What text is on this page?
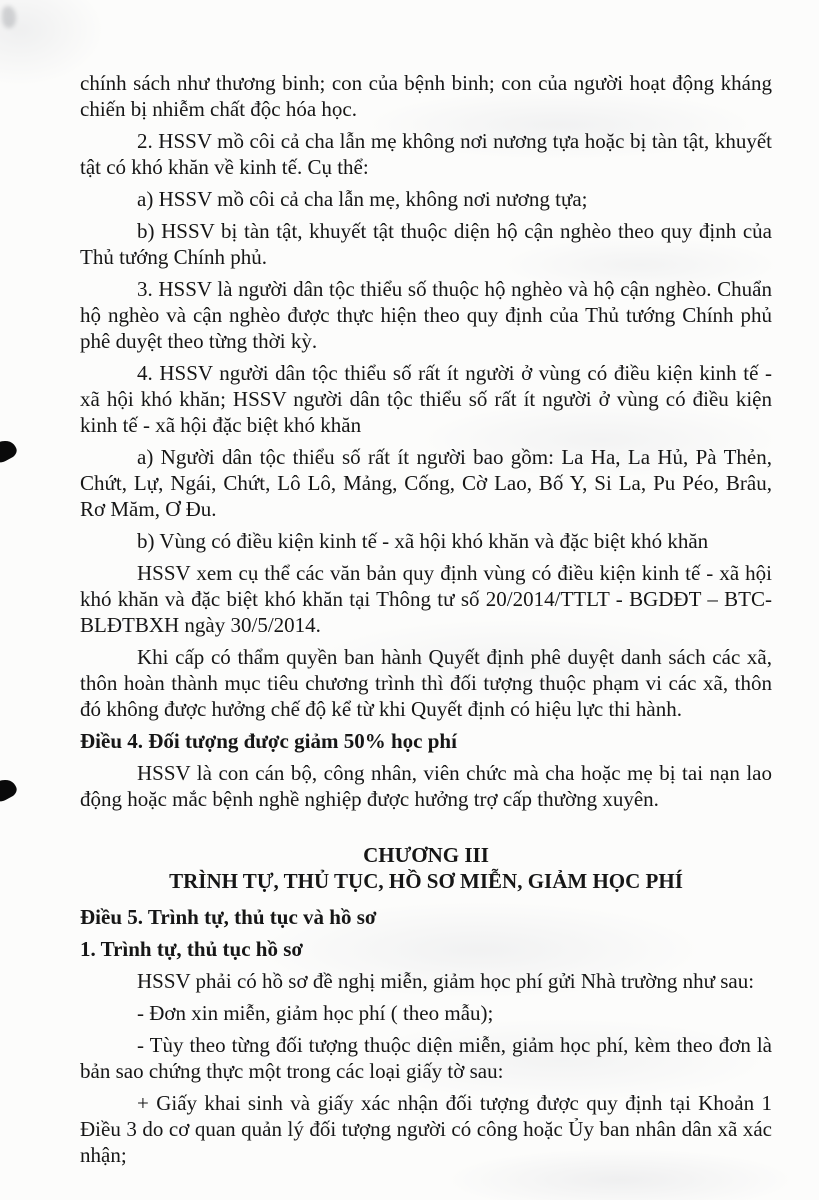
chính sách như thương binh; con của bệnh binh; con của người hoạt động kháng chiến bị nhiễm chất độc hóa học.

2. HSSV mồ côi cả cha lẫn mẹ không nơi nương tựa hoặc bị tàn tật, khuyết tật có khó khăn về kinh tế. Cụ thể:

a) HSSV mồ côi cả cha lẫn mẹ, không nơi nương tựa;

b) HSSV bị tàn tật, khuyết tật thuộc diện hộ cận nghèo theo quy định của Thủ tướng Chính phủ.

3. HSSV là người dân tộc thiểu số thuộc hộ nghèo và hộ cận nghèo. Chuẩn hộ nghèo và cận nghèo được thực hiện theo quy định của Thủ tướng Chính phủ phê duyệt theo từng thời kỳ.

4. HSSV người dân tộc thiểu số rất ít người ở vùng có điều kiện kinh tế - xã hội khó khăn; HSSV người dân tộc thiểu số rất ít người ở vùng có điều kiện kinh tế - xã hội đặc biệt khó khăn

a) Người dân tộc thiểu số rất ít người bao gồm: La Ha, La Hủ, Pà Thẻn, Chứt, Lự, Ngái, Chứt, Lô Lô, Mảng, Cống, Cờ Lao, Bố Y, Si La, Pu Péo, Brâu, Rơ Măm, Ơ Đu.

b) Vùng có điều kiện kinh tế - xã hội khó khăn và đặc biệt khó khăn

HSSV xem cụ thể các văn bản quy định vùng có điều kiện kinh tế - xã hội khó khăn và đặc biệt khó khăn tại Thông tư số 20/2014/TTLT - BGDĐT – BTC-BLĐTBXH ngày 30/5/2014.

Khi cấp có thẩm quyền ban hành Quyết định phê duyệt danh sách các xã, thôn hoàn thành mục tiêu chương trình thì đối tượng thuộc phạm vi các xã, thôn đó không được hưởng chế độ kể từ khi Quyết định có hiệu lực thi hành.

Điều 4. Đối tượng được giảm 50% học phí

HSSV là con cán bộ, công nhân, viên chức mà cha hoặc mẹ bị tai nạn lao động hoặc mắc bệnh nghề nghiệp được hưởng trợ cấp thường xuyên.

CHƯƠNG III

TRÌNH TỰ, THỦ TỤC, HỒ SƠ MIỄN, GIẢM HỌC PHÍ

Điều 5. Trình tự, thủ tục và hồ sơ

1. Trình tự, thủ tục hồ sơ

HSSV phải có hồ sơ đề nghị miễn, giảm học phí gửi Nhà trường như sau:

- Đơn xin miễn, giảm học phí ( theo mẫu);

- Tùy theo từng đối tượng thuộc diện miễn, giảm học phí, kèm theo đơn là bản sao chứng thực một trong các loại giấy tờ sau:

+ Giấy khai sinh và giấy xác nhận đối tượng được quy định tại Khoản 1 Điều 3 do cơ quan quản lý đối tượng người có công hoặc Ủy ban nhân dân xã xác nhận;
